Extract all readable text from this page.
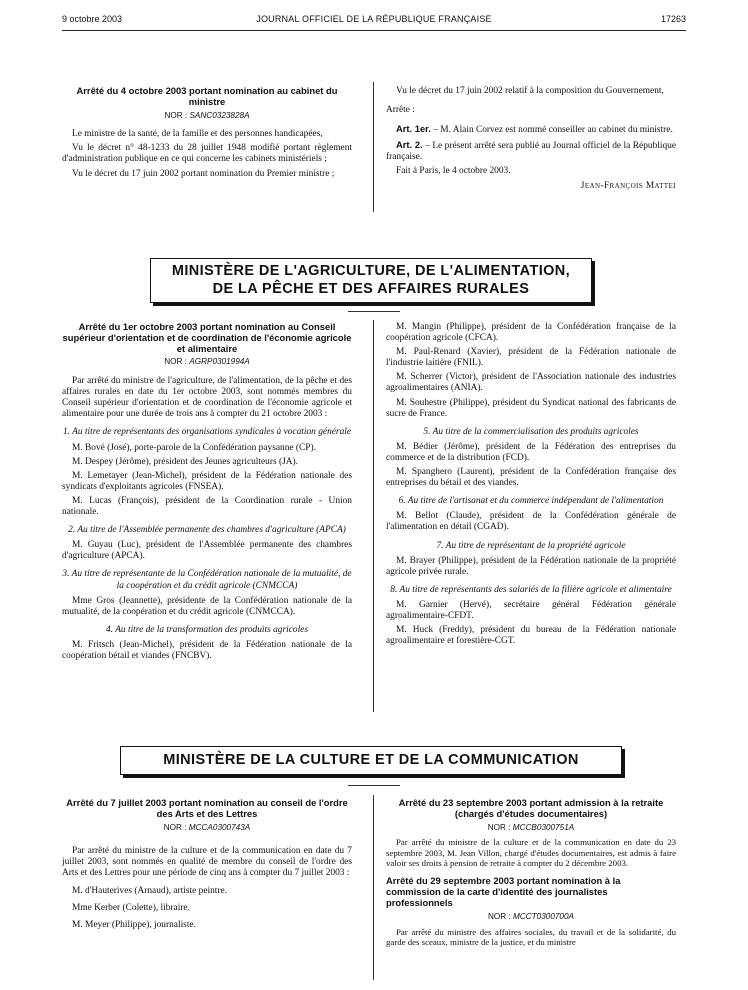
9 octobre 2003	JOURNAL OFFICIEL DE LA RÉPUBLIQUE FRANÇAISE	17263
Arrêté du 4 octobre 2003 portant nomination au cabinet du ministre
NOR : SANC0323828A

Le ministre de la santé, de la famille et des personnes handicapées,

Vu le décret n° 48-1233 du 28 juillet 1948 modifié portant règlement d'administration publique en ce qui concerne les cabinets ministériels ;

Vu le décret du 17 juin 2002 portant nomination du Premier ministre ;

Vu le décret du 17 juin 2002 relatif à la composition du Gouvernement,

Arrête :

Art. 1er. – M. Alain Corvez est nommé conseiller au cabinet du ministre.

Art. 2. – Le présent arrêté sera publié au Journal officiel de la République française.

Fait à Paris, le 4 octobre 2003.

Jean-François Mattei
MINISTÈRE DE L'AGRICULTURE, DE L'ALIMENTATION,
DE LA PÊCHE ET DES AFFAIRES RURALES
Arrêté du 1er octobre 2003 portant nomination au Conseil supérieur d'orientation et de coordination de l'économie agricole et alimentaire
NOR : AGRP0301994A

Par arrêté du ministre de l'agriculture, de l'alimentation, de la pêche et des affaires rurales en date du 1er octobre 2003, sont nommés membres du Conseil supérieur d'orientation et de coordination de l'économie agricole et alimentaire pour une durée de trois ans à compter du 21 octobre 2003 :

1. Au titre de représentants des organisations syndicales à vocation générale

M. Bové (José), porte-parole de la Confédération paysanne (CP).

M. Despey (Jérôme), président des Jeunes agriculteurs (JA).

M. Lemetayer (Jean-Michel), président de la Fédération nationale des syndicats d'exploitants agricoles (FNSEA).

M. Lucas (François), président de la Coordination rurale - Union nationale.

2. Au titre de l'Assemblée permanente des chambres d'agriculture (APCA)

M. Guyau (Luc), président de l'Assemblée permanente des chambres d'agriculture (APCA).

3. Au titre de représentante de la Confédération nationale de la mutualité, de la coopération et du crédit agricole (CNMCCA)

Mme Gros (Jeannette), présidente de la Confédération nationale de la mutualité, de la coopération et du crédit agricole (CNMCCA).

4. Au titre de la transformation des produits agricoles

M. Fritsch (Jean-Michel), président de la Fédération nationale de la coopération bétail et viandes (FNCBV).

M. Mangin (Philippe), président de la Confédération française de la coopération agricole (CFCA).

M. Paul-Renard (Xavier), président de la Fédération nationale de l'industrie laitière (FNIL).

M. Scherrer (Victor), président de l'Association nationale des industries agroalimentaires (ANIA).

M. Souhestre (Philippe), président du Syndicat national des fabricants de sucre de France.

5. Au titre de la commercialisation des produits agricoles

M. Bédier (Jérôme), président de la Fédération des entreprises du commerce et de la distribution (FCD).

M. Spanghero (Laurent), président de la Confédération française des entreprises du bétail et des viandes.

6. Au titre de l'artisanat et du commerce indépendant de l'alimentation

M. Bellot (Claude), président de la Confédération générale de l'alimentation en détail (CGAD).

7. Au titre de représentant de la propriété agricole

M. Brayer (Philippe), président de la Fédération nationale de la propriété agricole privée rurale.

8. Au titre de représentants des salariés de la filière agricole et alimentaire

M. Garnier (Hervé), secrétaire général Fédération générale agroalimentaire-CFDT.

M. Huck (Freddy), président du bureau de la Fédération nationale agroalimentaire et forestière-CGT.

MINISTÈRE DE LA CULTURE ET DE LA COMMUNICATION
Arrêté du 7 juillet 2003 portant nomination au conseil de l'ordre des Arts et des Lettres
NOR : MCCA0300743A

Par arrêté du ministre de la culture et de la communication en date du 7 juillet 2003, sont nommés en qualité de membre du conseil de l'ordre des Arts et des Lettres pour une période de cinq ans à compter du 7 juillet 2003 :

M. d'Hauterives (Arnaud), artiste peintre.

Mme Kerber (Colette), libraire.

M. Meyer (Philippe), journaliste.

Arrêté du 23 septembre 2003 portant admission à la retraite (chargés d'études documentaires)
NOR : MCCB0300751A

Par arrêté du ministre de la culture et de la communication en date du 23 septembre 2003, M. Jean Villon, chargé d'études documentaires, est admis à faire valoir ses droits à pension de retraite à compter du 2 décembre 2003.

Arrêté du 29 septembre 2003 portant nomination à la commission de la carte d'identité des journalistes professionnels
NOR : MCCT0300700A

Par arrêté du ministre des affaires sociales, du travail et de la solidarité, du garde des sceaux, ministre de la justice, et du ministre
